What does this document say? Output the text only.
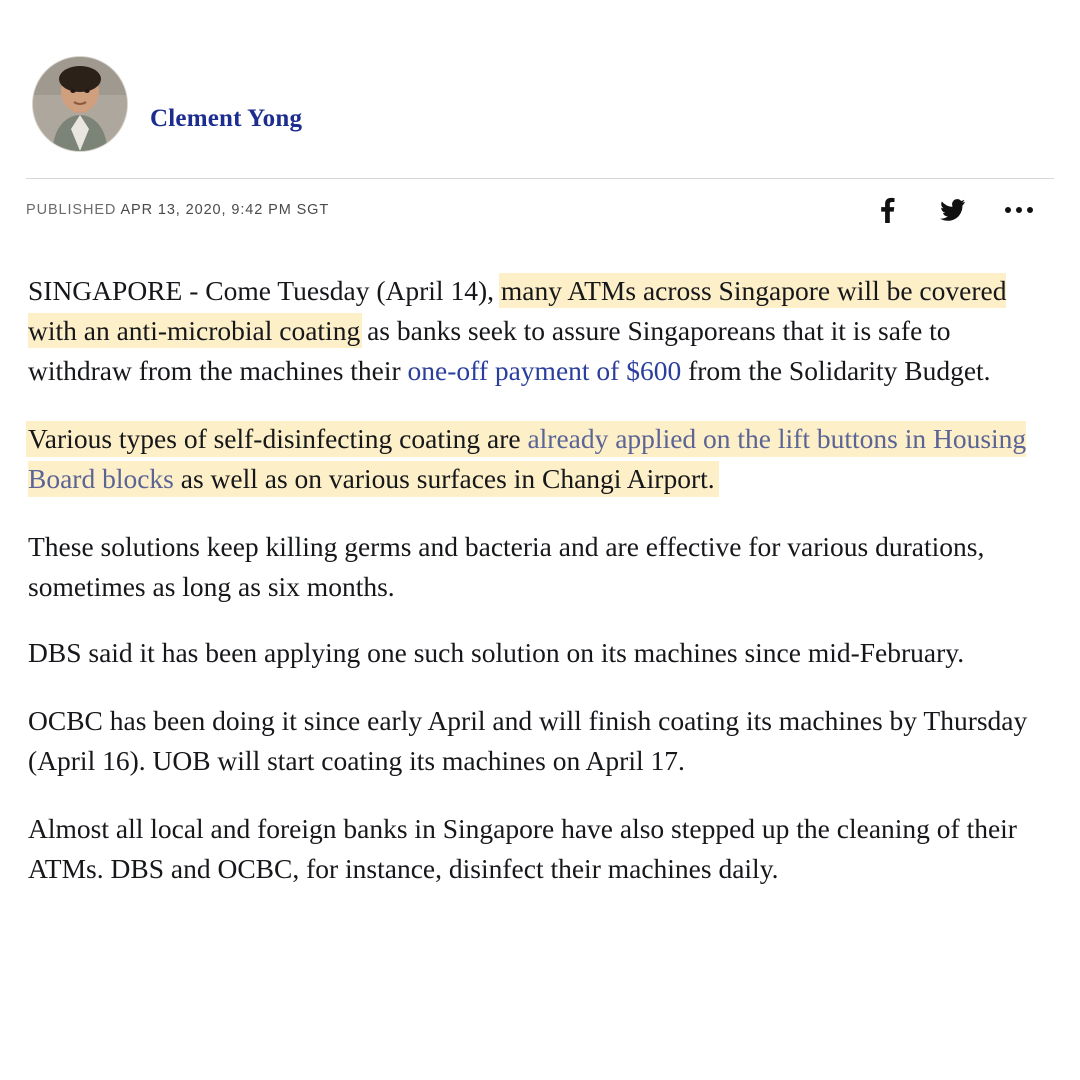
Clement Yong
PUBLISHED APR 13, 2020, 9:42 PM SGT

SINGAPORE - Come Tuesday (April 14), many ATMs across Singapore will be covered with an anti-microbial coating as banks seek to assure Singaporeans that it is safe to withdraw from the machines their one-off payment of $600 from the Solidarity Budget.

Various types of self-disinfecting coating are already applied on the lift buttons in Housing Board blocks as well as on various surfaces in Changi Airport.

These solutions keep killing germs and bacteria and are effective for various durations, sometimes as long as six months.

DBS said it has been applying one such solution on its machines since mid-February.

OCBC has been doing it since early April and will finish coating its machines by Thursday (April 16). UOB will start coating its machines on April 17.

Almost all local and foreign banks in Singapore have also stepped up the cleaning of their ATMs. DBS and OCBC, for instance, disinfect their machines daily.
